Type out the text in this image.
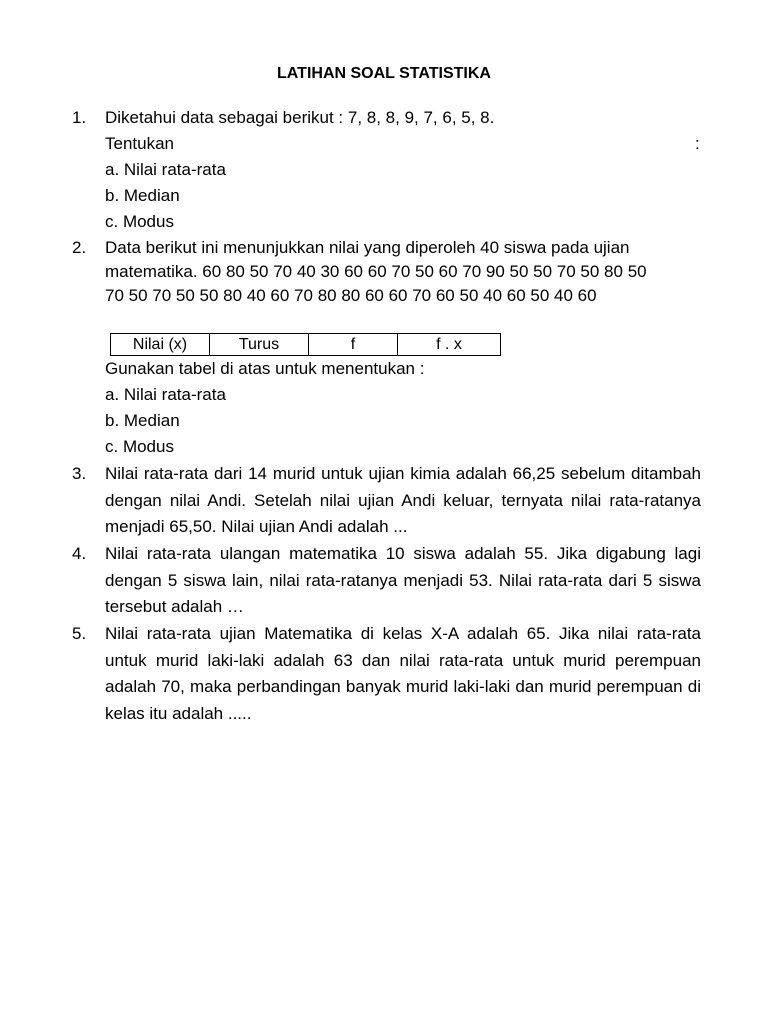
LATIHAN SOAL STATISTIKA
1. Diketahui data sebagai berikut : 7, 8, 8, 9, 7, 6, 5, 8.
Tentukan	:
a. Nilai rata-rata
b. Median
c. Modus
2. Data berikut ini menunjukkan nilai yang diperoleh 40 siswa pada ujian
matematika. 60 80 50 70 40 30 60 60 70 50 60 70 90 50 50 70 50 80 50
70 50 70 50 50 80 40 60 70 80 80 60 60 70 60 50 40 60 50 40 60
Nilai (x)	Turus	f	f . x
Gunakan tabel di atas untuk menentukan :
a. Nilai rata-rata
b. Median
c. Modus
3. Nilai rata-rata dari 14 murid untuk ujian kimia adalah 66,25 sebelum ditambah dengan nilai Andi. Setelah nilai ujian Andi keluar, ternyata nilai rata-ratanya menjadi 65,50. Nilai ujian Andi adalah ...
4. Nilai rata-rata ulangan matematika 10 siswa adalah 55. Jika digabung lagi dengan 5 siswa lain, nilai rata-ratanya menjadi 53. Nilai rata-rata dari 5 siswa tersebut adalah …
5. Nilai rata-rata ujian Matematika di kelas X-A adalah 65. Jika nilai rata-rata untuk murid laki-laki adalah 63 dan nilai rata-rata untuk murid perempuan adalah 70, maka perbandingan banyak murid laki-laki dan murid perempuan di kelas itu adalah .....
